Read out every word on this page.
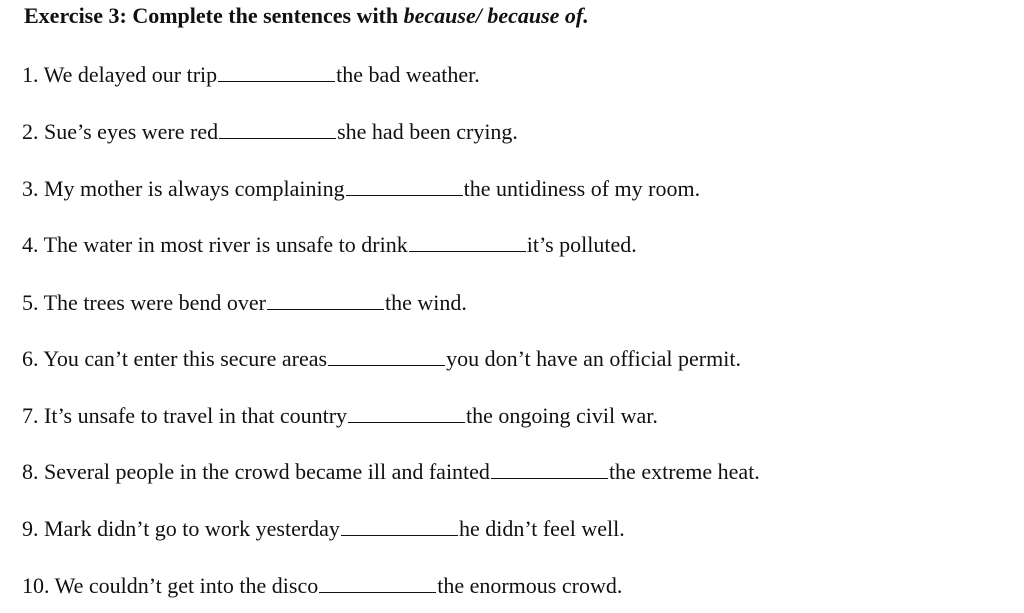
Exercise 3: Complete the sentences with because/ because of.
1. We delayed our trip	the bad weather.
2. Sue’s eyes were red	she had been crying.
3. My mother is always complaining	the untidiness of my room.
4. The water in most river is unsafe to drink	it’s polluted.
5. The trees were bend over	the wind.
6. You can’t enter this secure areas	you don’t have an official permit.
7. It’s unsafe to travel in that country	the ongoing civil war.
8. Several people in the crowd became ill and fainted	the extreme heat.
9. Mark didn’t go to work yesterday	he didn’t feel well.
10. We couldn’t get into the disco	the enormous crowd.
